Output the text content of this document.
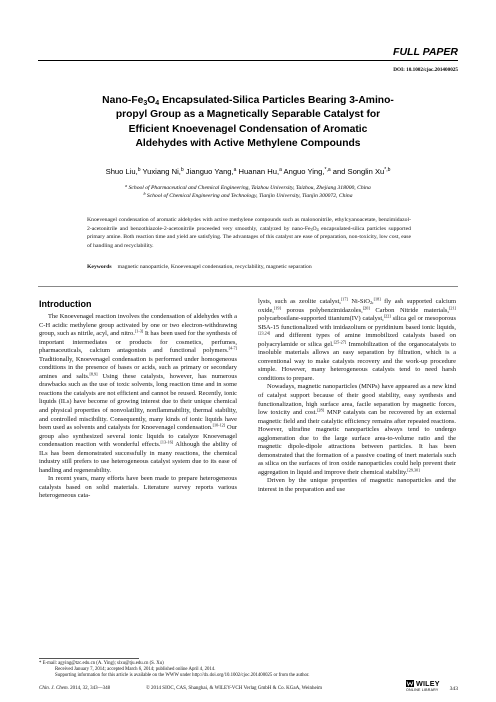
FULL PAPER
DOI: 10.1002/cjoc.201400025
Nano-$Fe_3O_4$ Encapsulated-Silica Particles Bearing 3-Amino-
propyl Group as a Magnetically Separable Catalyst for
Efficient Knoevenagel Condensation of Aromatic
Aldehydes with Active Methylene Compounds
Shuo Liu,$^b$ Yuxiang Ni,$^b$ Jianguo Yang,$^a$ Huanan Hu,$^a$ Anguo Ying,$^{*,a}$ and Songlin $Xu^{*,b}$
$^a$ School of Pharmaceutical and Chemical Engineering, Taizhou University, Taizhou, Zhejiang 318000, China
$^b$ School of Chemical Engineering and Technology, Tianjin University, Tianjin 300072, China
Knoevenagel condensation of aromatic aldehydes with active methylene compounds such as malononitrile, ethylcyanoacetate, benzimidazol-2-acetonitrile and benzothiazole-2-acetonitrile proceeded very smoothly, catalyzed by nano-$Fe_3O_4$ encapsulated-silica particles supported primary amine. Both reaction time and yield are satisfying. The advantages of this catalyst are ease of preparation, non-toxicity, low cost, ease of handling and recyclability.
Keywords magnetic nanoparticle, Knoevenagel condensation, recyclability, magnetic separation
Introduction

The Knoevenagel reaction involves the condensation of aldehydes with a C-H acidic methylene group activated by one or two electron-withdrawing group, such as nitrile, acyl, and nitro.[1-3] It has been used for the synthesis of important intermediates or products for cosmetics, perfumes, pharmaceuticals, calcium antagonists and functional polymers.[4-7] Traditionally, Knoevenagel condensation is performed under homogeneous conditions in the presence of bases or acids, such as primary or secondary amines and salts.[8,9] Using these catalysts, however, has numerous drawbacks such as the use of toxic solvents, long reaction time and in some reactions the catalysts are not efficient and cannot be reused. Recently, ionic liquids (ILs) have become of growing interest due to their unique chemical and physical properties of nonvolatility, nonflammability, thermal stability, and controlled miscibility. Consequently, many kinds of ionic liquids have been used as solvents and catalysts for Knoevenagel condensation.[10-12] Our group also synthesized several ionic liquids to catalyze Knoevenagel condensation reaction with wonderful effects.[13-16] Although the ability of ILs has been demonstrated successfully in many reactions, the chemical industry still prefers to use heterogeneous catalyst system due to its ease of handling and regenerability.

In recent years, many efforts have been made to prepare heterogeneous catalysts based on solid materials. Literature survey reports various heterogeneous cata-

lysts, such as zeolite catalyst,[17] Ni-SiO$_2$,[18] fly ash supported calcium oxide,[19] porous polybenzimidazoles,[20] Carbon Nitride materials,[21] polycarbosilane-supported titanium(IV) catalyst,[22] silica gel or mesoporous SBA-15 functionalized with imidazolium or pyridinium based ionic liquids,[23,24] and different types of amine immobilized catalysts based on polyacrylamide or silica gel.[25-27] Immobilization of the organocatalysts to insoluble materials allows an easy separation by filtration, which is a conventional way to make catalysts recovery and the work-up procedure simple. However, many heterogeneous catalysts tend to need harsh conditions to prepare.

Nowadays, magnetic nanoparticles (MNPs) have appeared as a new kind of catalyst support because of their good stability, easy synthesis and functionalization, high surface area, facile separation by magnetic forces, low toxicity and cost.[28] MNP catalysts can be recovered by an external magnetic field and their catalytic efficiency remains after repeated reactions. However, ultrafine magnetic nanoparticles always tend to undergo agglomeration due to the large surface area-to-volume ratio and the magnetic dipole-dipole attractions between particles. It has been demonstrated that the formation of a passive coating of inert materials such as silica on the surfaces of iron oxide nanoparticles could help prevent their aggregation in liquid and improve their chemical stability.[29,30]

Driven by the unique properties of magnetic nanoparticles and the interest in the preparation and use

* E-mail: agying@tzc.edu.cn (A. Ying); slxu@tju.edu.cn (S. Xu)
Received January 7, 2014; accepted March 6, 2014; published online April 4, 2014.
Supporting information for this article is available on the WWW under http://dx.doi.org/10.1002/cjoc.201400025 or from the author.
Chin. J. Chem. 2014, 32, 343—348	© 2014 SIOC, CAS, Shanghai, & WILEY-VCH Verlag GmbH & Co. KGaA, Weinheim
WILEY
ONLINE LIBRARY 343
